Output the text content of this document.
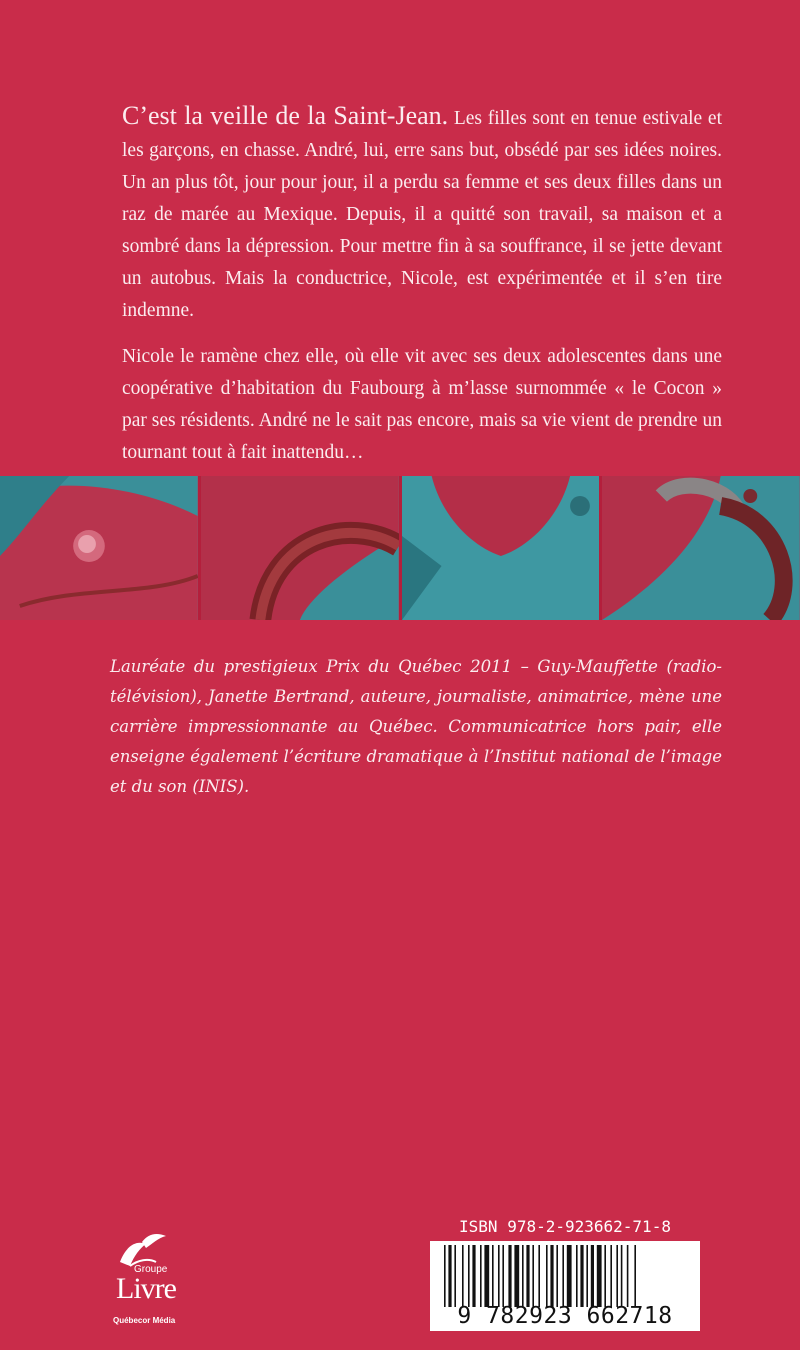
C’est la veille de la Saint-Jean. Les filles sont en tenue estivale et les garçons, en chasse. André, lui, erre sans but, obsédé par ses idées noires. Un an plus tôt, jour pour jour, il a perdu sa femme et ses deux filles dans un raz de marée au Mexique. Depuis, il a quitté son travail, sa maison et a sombré dans la dépression. Pour mettre fin à sa souffrance, il se jette devant un autobus. Mais la conductrice, Nicole, est expérimentée et il s’en tire indemne.

Nicole le ramène chez elle, où elle vit avec ses deux adolescentes dans une coopérative d’habitation du Faubourg à m’lasse surnommée « le Cocon » par ses résidents. André ne le sait pas encore, mais sa vie vient de prendre un tournant tout à fait inattendu…

Lauréate du prestigieux Prix du Québec 2011 – Guy-Mauffette (radio-télévision), Janette Bertrand, auteure, journaliste, animatrice, mène une carrière impressionnante au Québec. Communicatrice hors pair, elle enseigne également l’écriture dramatique à l’Institut national de l’image et du son (INIS).
Groupe
Livre
Québecor Média
ISBN 978-2-923662-71-8
9 782923 662718
